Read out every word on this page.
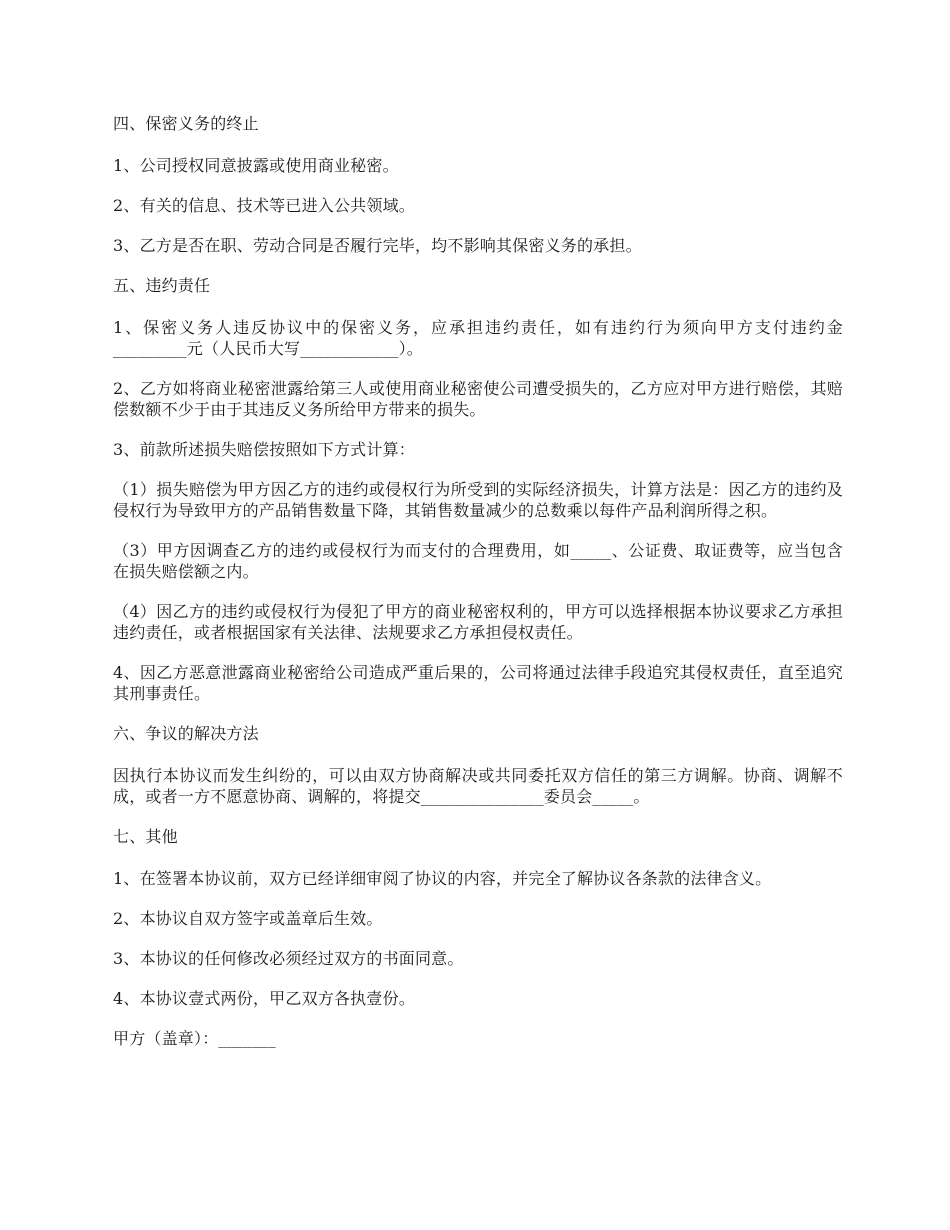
四、保密义务的终止

1、公司授权同意披露或使用商业秘密。

2、有关的信息、技术等已进入公共领域。

3、乙方是否在职、劳动合同是否履行完毕，均不影响其保密义务的承担。

五、违约责任

1、保密义务人违反协议中的保密义务，应承担违约责任，如有违约行为须向甲方支付违约金_________元（人民币大写____________）。

2、乙方如将商业秘密泄露给第三人或使用商业秘密使公司遭受损失的，乙方应对甲方进行赔偿，其赔偿数额不少于由于其违反义务所给甲方带来的损失。

3、前款所述损失赔偿按照如下方式计算：

（1）损失赔偿为甲方因乙方的违约或侵权行为所受到的实际经济损失，计算方法是：因乙方的违约及侵权行为导致甲方的产品销售数量下降，其销售数量减少的总数乘以每件产品利润所得之积。

（3）甲方因调查乙方的违约或侵权行为而支付的合理费用，如_____、公证费、取证费等，应当包含在损失赔偿额之内。

（4）因乙方的违约或侵权行为侵犯了甲方的商业秘密权利的，甲方可以选择根据本协议要求乙方承担违约责任，或者根据国家有关法律、法规要求乙方承担侵权责任。

4、因乙方恶意泄露商业秘密给公司造成严重后果的，公司将通过法律手段追究其侵权责任，直至追究其刑事责任。

六、争议的解决方法

因执行本协议而发生纠纷的，可以由双方协商解决或共同委托双方信任的第三方调解。协商、调解不成，或者一方不愿意协商、调解的，将提交_______________委员会_____。

七、其他

1、在签署本协议前，双方已经详细审阅了协议的内容，并完全了解协议各条款的法律含义。

2、本协议自双方签字或盖章后生效。

3、本协议的任何修改必须经过双方的书面同意。

4、本协议壹式两份，甲乙双方各执壹份。

甲方（盖章）：_______
